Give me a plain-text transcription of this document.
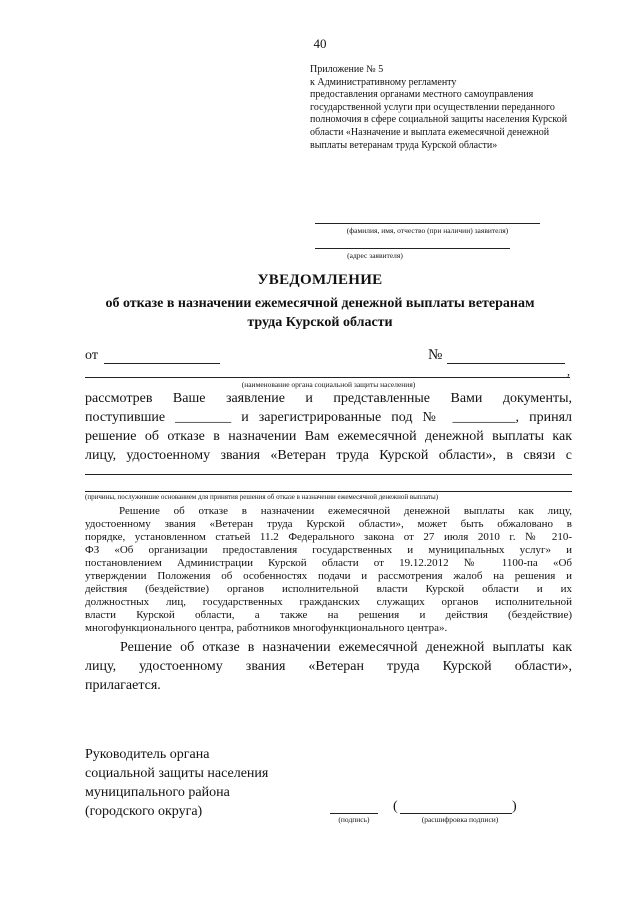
40
Приложение № 5
к Административному регламенту
предоставления органами местного самоуправления
государственной услуги при осуществлении переданного
полномочия в сфере социальной защиты населения Курской
области «Назначение и выплата ежемесячной денежной
выплаты ветеранам труда Курской области»
(фамилия, имя, отчество (при наличии) заявителя)
(адрес заявителя)
УВЕДОМЛЕНИЕ
об отказе в назначении ежемесячной денежной выплаты ветеранам
труда Курской области
от	№
,
(наименование органа социальной защиты населения)
рассмотрев Ваше заявление и представленные Вами документы,
поступившие ________ и зарегистрированные под № _________, принял
решение об отказе в назначении Вам ежемесячной денежной выплаты как
лицу, удостоенному звания «Ветеран труда Курской области», в связи с
(причины, послужившие основанием для принятия решения об отказе в назначении ежемесячной денежной выплаты)
Решение об отказе в назначении ежемесячной денежной выплаты как лицу,
удостоенному звания «Ветеран труда Курской области», может быть обжаловано в
порядке, установленном статьей 11.2 Федерального закона от 27 июля 2010 г. № 210-
ФЗ «Об организации предоставления государственных и муниципальных услуг» и
постановлением Администрации Курской области от 19.12.2012 № 1100-па «Об
утверждении Положения об особенностях подачи и рассмотрения жалоб на решения и
действия (бездействие) органов исполнительной власти Курской области и их
должностных лиц, государственных гражданских служащих органов исполнительной
власти Курской области, а также на решения и действия (бездействие)
многофункционального центра, работников многофункционального центра».
Решение об отказе в назначении ежемесячной денежной выплаты как
лицу, удостоенному звания «Ветеран труда Курской области»,
прилагается.
Руководитель органа
социальной защиты населения
муниципального района
(городского округа)
(подпись)
(	)
(расшифровка подписи)
